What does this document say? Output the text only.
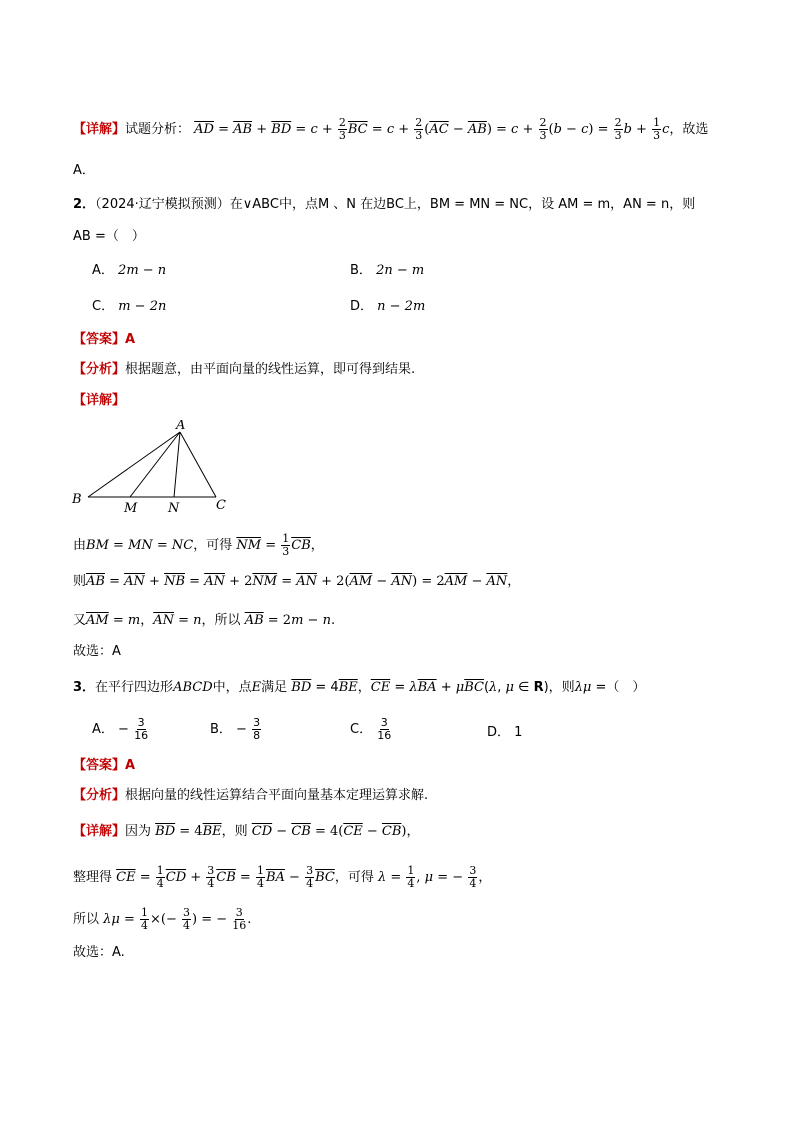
【详解】试题分析： $\overline{AD} = \overline{AB} + \overline{BD} = c + \frac{2}{3} \overline{BC} = c + \frac{2}{3} (\overline{AC} - \overline{AB}) = c + \frac{2}{3} (b - c) = \frac{2}{3}$ $b + \frac{1}{3}$ c，故选
A．
2．（2024·辽宁模拟预测）在∨ABC中，点M 、N 在边BC上，BM = MN = NC，设 AM = m，AN = n，则
AB =（　）
A． 2m − n	B． 2n − m
C． m − 2n	D． n − 2m
【答案】A
【分析】根据题意，由平面向量的线性运算，即可得到结果.
【详解】
A
B
M N	C
由BM = MN = NC，可得 $\overline{NM} = \frac{1}{3} \overline{CB}$，
则$\overline{AB} = \overline{AN} + \overline{NB} = \overline{AN} + 2\overline{NM} = \overline{AN} + 2(\overline{AM} - \overline{AN}) = 2\overline{AM} - \overline{AN}$，
又$\overline{AM} = m$，$\overline{AN} = n$，所以 $\overline{AB} = 2m - n$.
故选：A
3．在平行四边形ABCD中，点E满足 $\overline{BD} = 4\overline{BE}$，$\overline{CE} = \lambda\overline{BA} + \mu\overline{BC}(\lambda$, μ ∈ R)，则λμ =（　）
A． − $\frac{3}{16}$	B． − $\frac{3}{8}$	C． $\frac{3}{16}$	D． 1
【答案】A
【分析】根据向量的线性运算结合平面向量基本定理运算求解.
【详解】因为 $\overline{BD} = 4\overline{BE}$，则 $\overline{CD} - \overline{CB} = 4(\overline{CE} - \overline{CB})$，
整理得 $\overline{CE} = \frac{1}{4} \overline{CD} + \frac{3}{4} \overline{CB} = \frac{1}{4} \overline{BA} - \frac{3}{4} \overline{BC}$，可得 $\lambda = \frac{1}{4}$ , μ = − $\frac{3}{4}$ ，
所以 $\lambda\mu = \frac{1}{4}$ ×(− $\frac{3}{4}$ ) = − $\frac{3}{16}$ .
故选：A.
